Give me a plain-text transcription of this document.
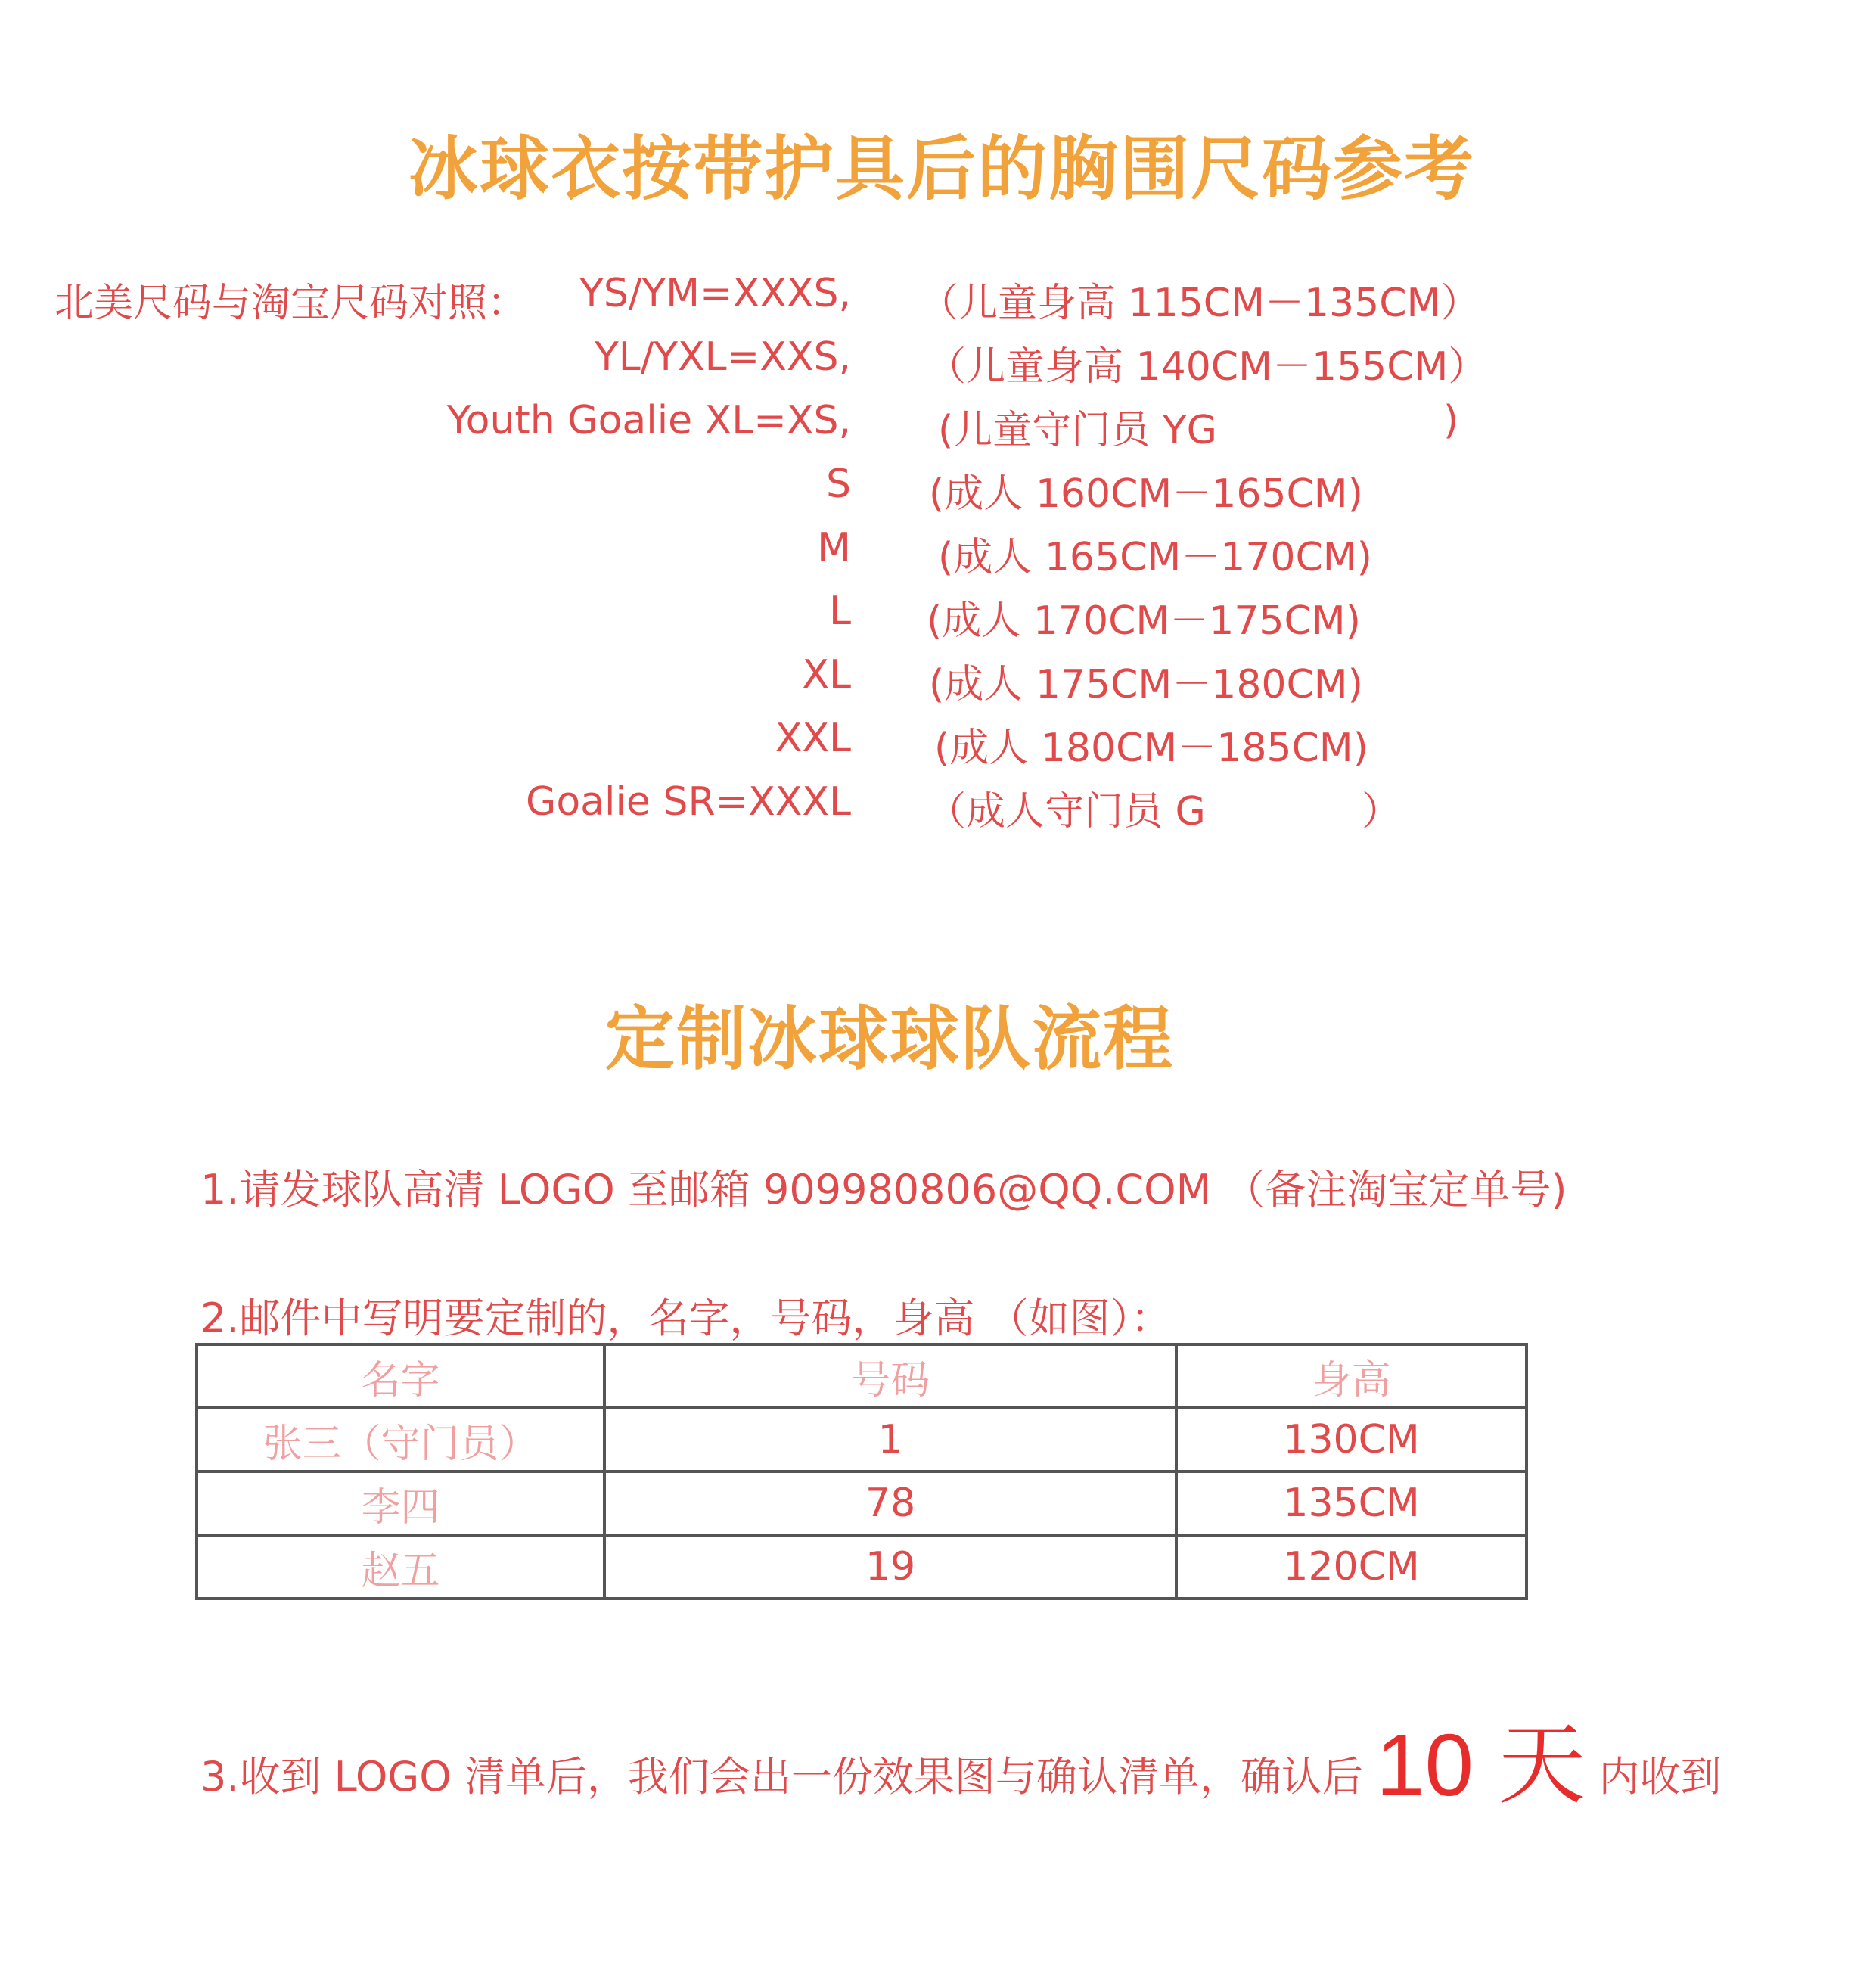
冰球衣按带护具后的胸围尺码参考
北美尺码与淘宝尺码对照： YS/YM=XXXS, （儿童身高 115CM－135CM）
YL/YXL=XXS, （儿童身高 140CM－155CM）
Youth Goalie XL=XS, (儿童守门员 YG	)
S (成人 160CM－165CM)
M (成人 165CM－170CM)
L (成人 170CM－175CM)
XL (成人 175CM－180CM)
XXL (成人 180CM－185CM)
Goalie SR=XXXL （成人守门员 G	）
定制冰球球队流程
1.请发球队高清 LOGO 至邮箱 909980806@QQ.COM （备注淘宝定单号)
2.邮件中写明要定制的，名字，号码，身高 （如图）：
名字	号码	身高
张三（守门员）	1	130CM
李四	78	135CM
赵五	19	120CM
3.收到 LOGO 清单后，我们会出一份效果图与确认清单，确认后 10 天 内收到
